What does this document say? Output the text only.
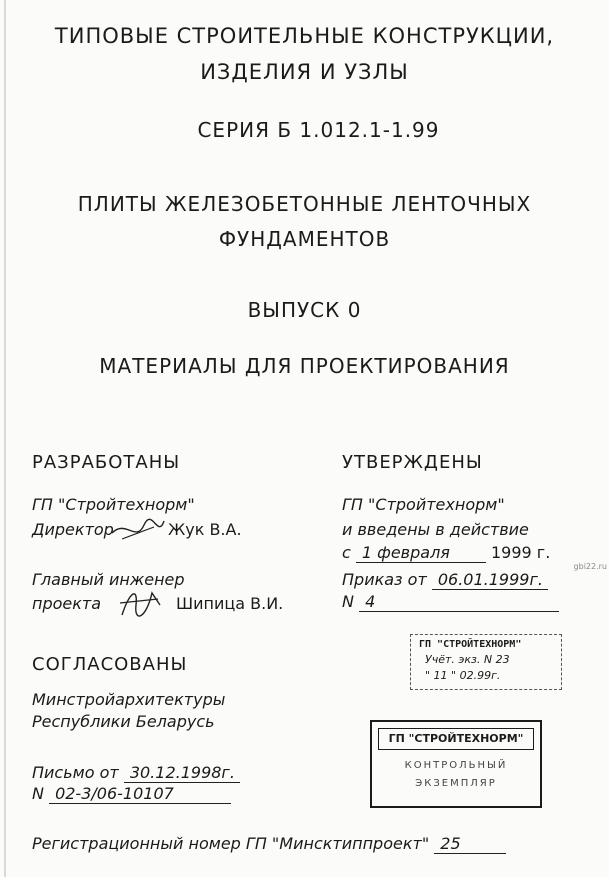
ТИПОВЫЕ СТРОИТЕЛЬНЫЕ КОНСТРУКЦИИ,
ИЗДЕЛИЯ И УЗЛЫ
СЕРИЯ Б 1.012.1-1.99
ПЛИТЫ ЖЕЛЕЗОБЕТОННЫЕ ЛЕНТОЧНЫХ
ФУНДАМЕНТОВ
ВЫПУСК 0
МАТЕРИАЛЫ ДЛЯ ПРОЕКТИРОВАНИЯ
РАЗРАБОТАНЫ
ГП "Стройтехнорм"
Директор	Жук В.А.
Главный инженер
проекта	Шипица В.И.
УТВЕРЖДЕНЫ
ГП "Стройтехнорм"
и введены в действие
с 1 февраля	1999 г.
Приказ от 06.01.1999г.
N 4
ГП "СТРОЙТЕХНОРМ"
Учёт. экз. N 23
" 11 " 02.99г.
СОГЛАСОВАНЫ
Минстройархитектуры
Республики Беларусь
Письмо от 30.12.1998г.
N 02-3/06-10107
ГП "СТРОЙТЕХНОРМ"
КОНТРОЛЬНЫЙ
ЭКЗЕМПЛЯР
Регистрационный номер ГП "Минсктиппроект" 25
gbi22.ru
